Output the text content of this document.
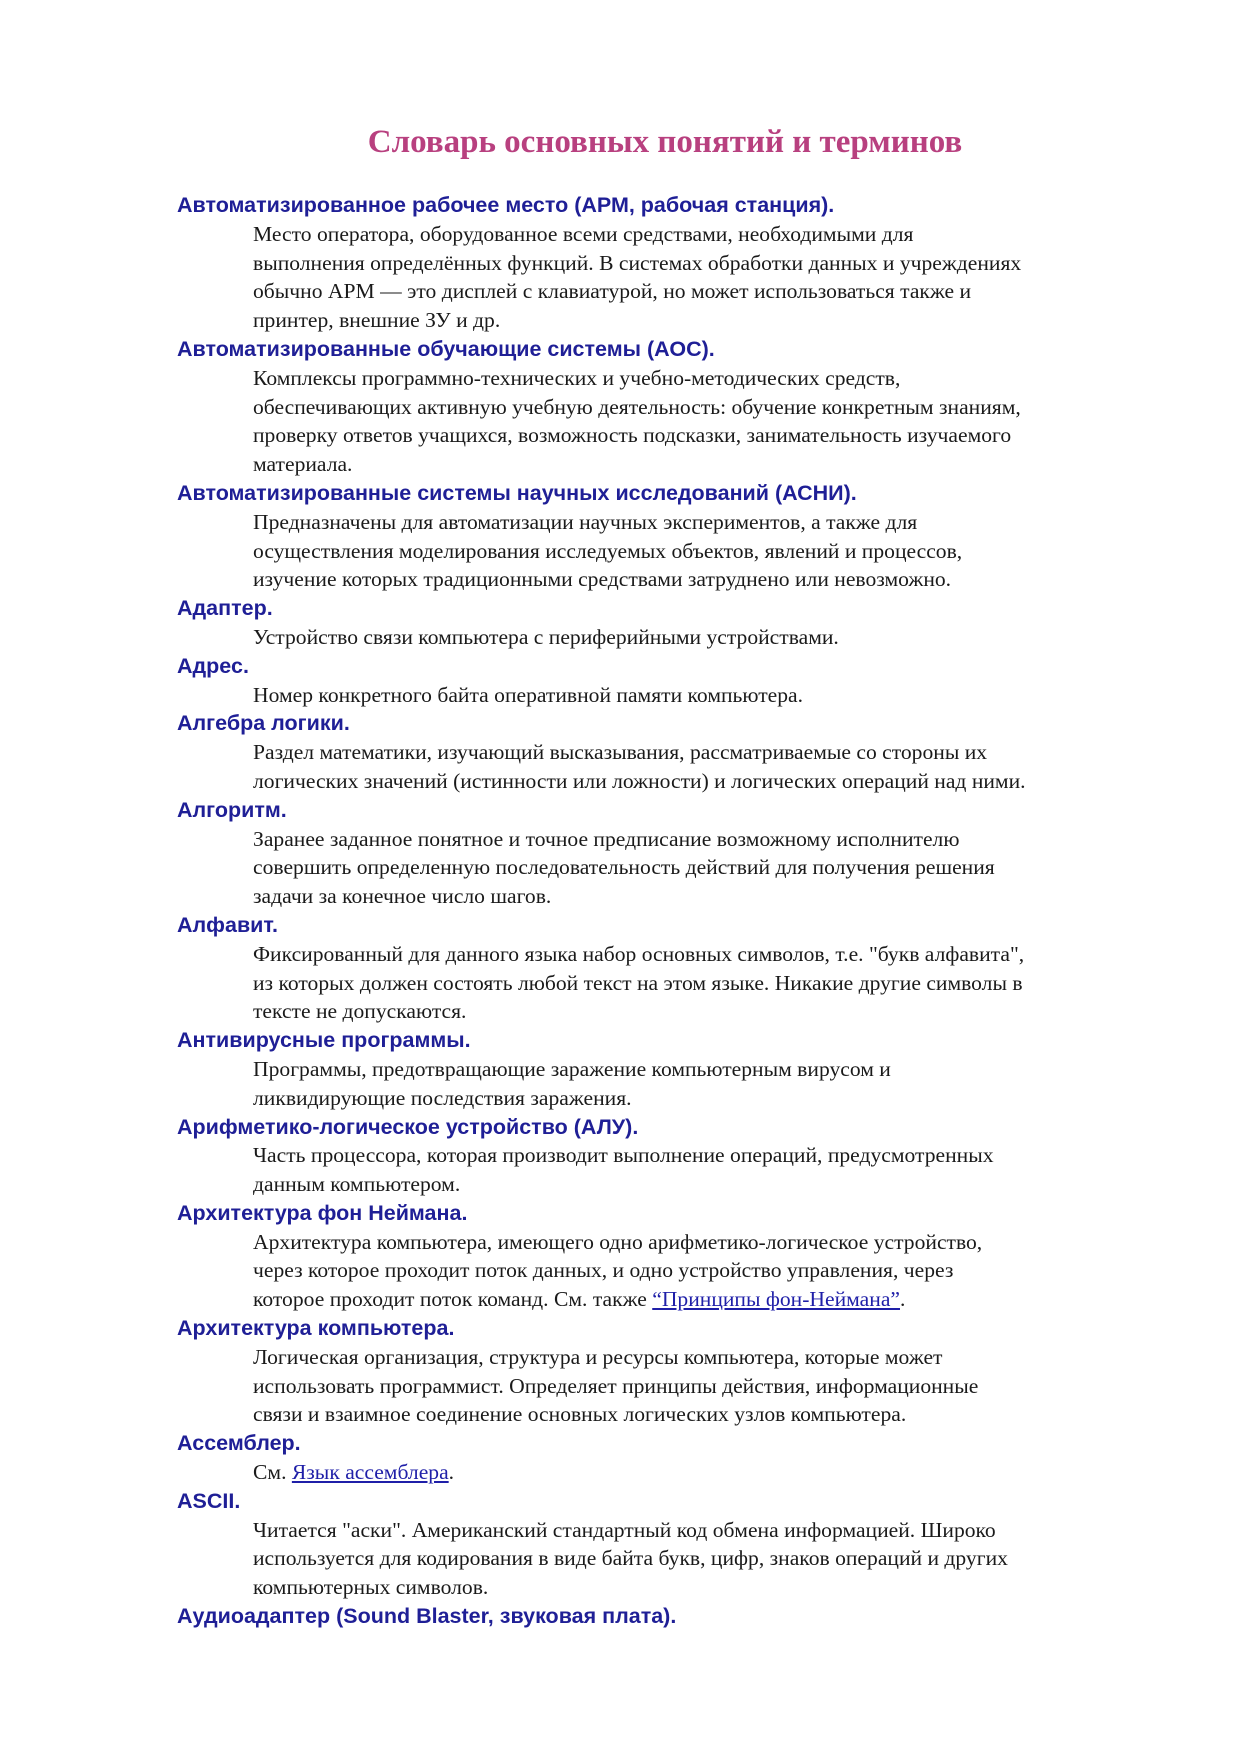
Словарь основных понятий и терминов

Автоматизированное рабочее место (АРМ, рабочая станция).

Место оператора, оборудованное всеми средствами, необходимыми для
выполнения определённых функций. В системах обработки данных и учреждениях
обычно АРМ — это дисплей с клавиатурой, но может использоваться также и
принтер, внешние ЗУ и др.

Автоматизированные обучающие системы (АОС).

Комплексы программно-технических и учебно-методических средств,
обеспечивающих активную учебную деятельность: обучение конкретным знаниям,
проверку ответов учащихся, возможность подсказки, занимательность изучаемого
материала.

Автоматизированные системы научных исследований (АСНИ).

Предназначены для автоматизации научных экспериментов, а также для
осуществления моделирования исследуемых объектов, явлений и процессов,
изучение которых традиционными средствами затруднено или невозможно.

Адаптер.

Устройство связи компьютера с периферийными устройствами.

Адрес.

Номер конкретного байта оперативной памяти компьютера.

Алгебра логики.

Раздел математики, изучающий высказывания, рассматриваемые со стороны их
логических значений (истинности или ложности) и логических операций над ними.

Алгоритм.

Заранее заданное понятное и точное предписание возможному исполнителю
совершить определенную последовательность действий для получения решения
задачи за конечное число шагов.

Алфавит.

Фиксированный для данного языка набор основных символов, т.е. "букв алфавита",
из которых должен состоять любой текст на этом языке. Никакие другие символы в
тексте не допускаются.

Антивирусные программы.

Программы, предотвращающие заражение компьютерным вирусом и
ликвидирующие последствия заражения.

Арифметико-логическое устройство (АЛУ).

Часть процессора, которая производит выполнение операций, предусмотренных
данным компьютером.

Архитектура фон Неймана.

Архитектура компьютера, имеющего одно арифметико-логическое устройство,
через которое проходит поток данных, и одно устройство управления, через
которое проходит поток команд. См. также “Принципы фон-Неймана”.

Архитектура компьютера.

Логическая организация, структура и ресурсы компьютера, которые может
использовать программист. Определяет принципы действия, информационные
связи и взаимное соединение основных логических узлов компьютера.

Ассемблер.

См. Язык ассемблера.

ASCII.

Читается "аски". Американский стандартный код обмена информацией. Широко
используется для кодирования в виде байта букв, цифр, знаков операций и других
компьютерных символов.

Аудиоадаптер (Sound Blaster, звуковая плата).
